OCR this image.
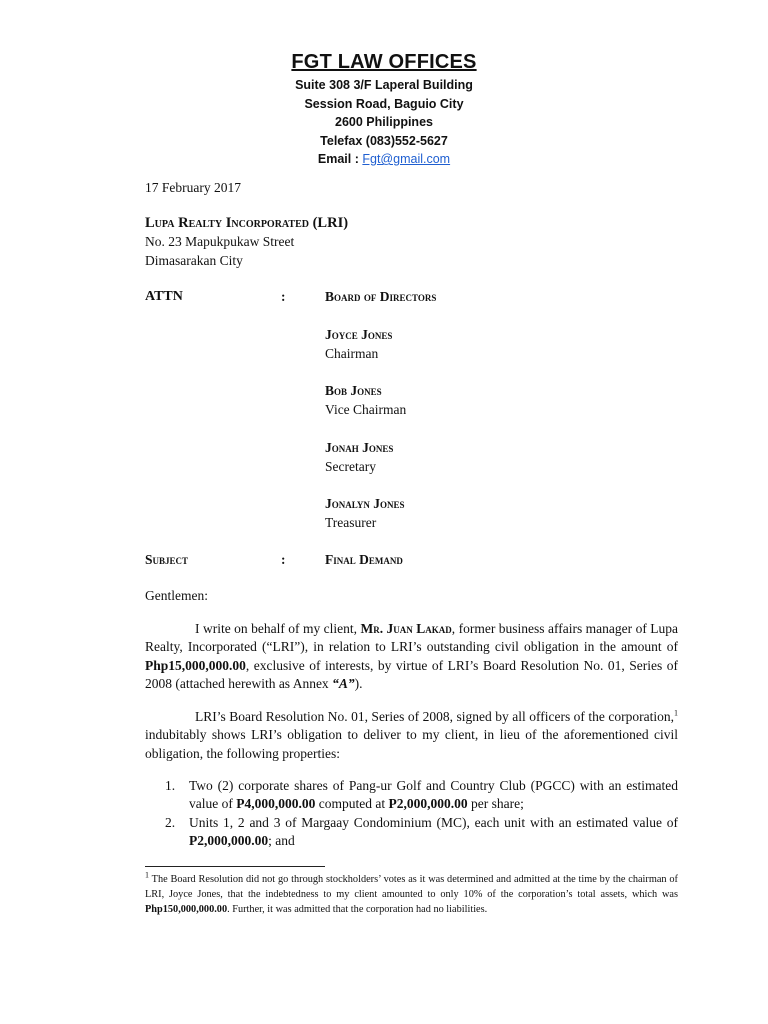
FGT LAW OFFICES

Suite 308 3/F Laperal Building

Session Road, Baguio City

2600 Philippines

Telefax (083)552-5627

Email : Fgt@gmail.com

17 February 2017
Lupa Realty Incorporated (LRI)
No. 23 Mapukpukaw Street
Dimasarakan City
ATTN	:	Board of Directors
Joyce Jones
Chairman
Bob Jones
Vice Chairman
Jonah Jones
Secretary
Jonalyn Jones
Treasurer
Subject	:	Final Demand
Gentlemen:
I write on behalf of my client, Mr. Juan Lakad, former business affairs manager of Lupa Realty, Incorporated (“LRI”), in relation to LRI’s outstanding civil obligation in the amount of Php15,000,000.00, exclusive of interests, by virtue of LRI’s Board Resolution No. 01, Series of 2008 (attached herewith as Annex “A”).
LRI’s Board Resolution No. 01, Series of 2008, signed by all officers of the corporation,$^1$ indubitably shows LRI’s obligation to deliver to my client, in lieu of the aforementioned civil obligation, the following properties:
1. Two (2) corporate shares of Pang-ur Golf and Country Club (PGCC) with an estimated value of P4,000,000.00 computed at P2,000,000.00 per share;
2. Units 1, 2 and 3 of Margaay Condominium (MC), each unit with an estimated value of P2,000,000.00; and
$^1$ The Board Resolution did not go through stockholders’ votes as it was determined and admitted at the time by the chairman of LRI, Joyce Jones, that the indebtedness to my client amounted to only 10% of the corporation’s total assets, which was Php150,000,000.00. Further, it was admitted that the corporation had no liabilities.
